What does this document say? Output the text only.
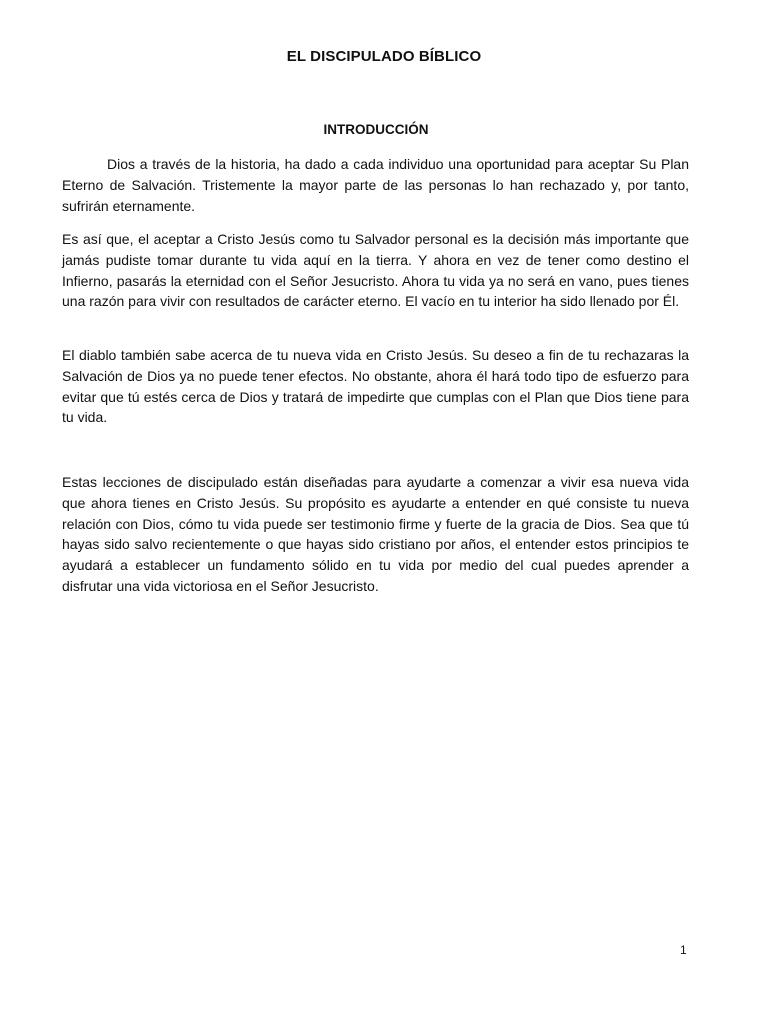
EL DISCIPULADO BÍBLICO
INTRODUCCIÓN

Dios a través de la historia, ha dado a cada individuo una oportunidad para aceptar Su Plan Eterno de Salvación. Tristemente la mayor parte de las personas lo han rechazado y, por tanto, sufrirán eternamente.

Es así que, el aceptar a Cristo Jesús como tu Salvador personal es la decisión más importante que jamás pudiste tomar durante tu vida aquí en la tierra. Y ahora en vez de tener como destino el Infierno, pasarás la eternidad con el Señor Jesucristo. Ahora tu vida ya no será en vano, pues tienes una razón para vivir con resultados de carácter eterno. El vacío en tu interior ha sido llenado por Él.

El diablo también sabe acerca de tu nueva vida en Cristo Jesús. Su deseo a fin de tu rechazaras la Salvación de Dios ya no puede tener efectos. No obstante, ahora él hará todo tipo de esfuerzo para evitar que tú estés cerca de Dios y tratará de impedirte que cumplas con el Plan que Dios tiene para tu vida.

Estas lecciones de discipulado están diseñadas para ayudarte a comenzar a vivir esa nueva vida que ahora tienes en Cristo Jesús. Su propósito es ayudarte a entender en qué consiste tu nueva relación con Dios, cómo tu vida puede ser testimonio firme y fuerte de la gracia de Dios. Sea que tú hayas sido salvo recientemente o que hayas sido cristiano por años, el entender estos principios te ayudará a establecer un fundamento sólido en tu vida por medio del cual puedes aprender a disfrutar una vida victoriosa en el Señor Jesucristo.

1
